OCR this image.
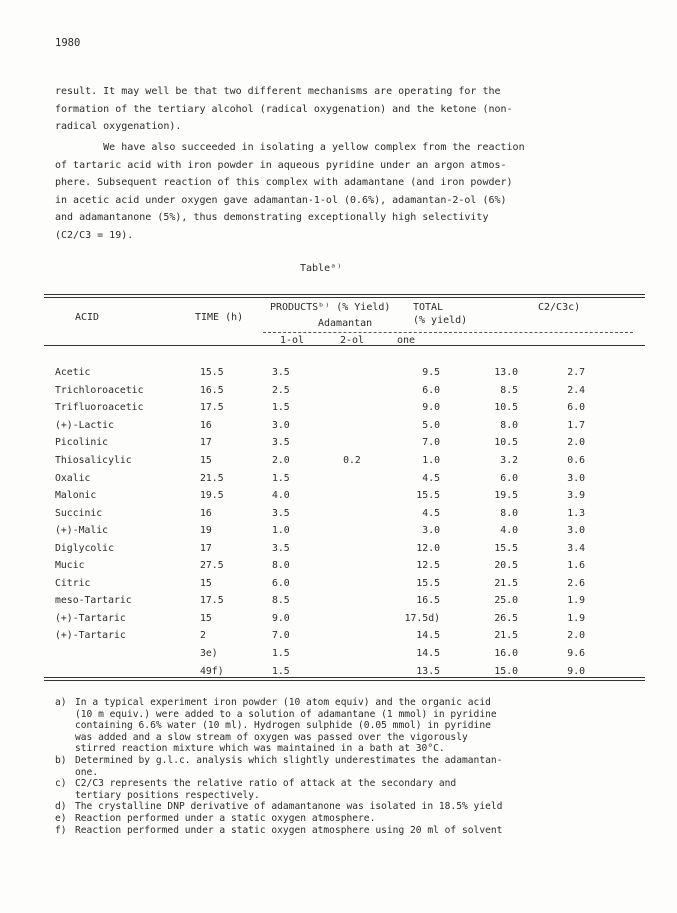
1980
result. It may well be that two different mechanisms are operating for the
formation of the tertiary alcohol (radical oxygenation) and the ketone (non-
radical oxygenation).
We have also succeeded in isolating a yellow complex from the reaction
of tartaric acid with iron powder in aqueous pyridine under an argon atmos-
phere. Subsequent reaction of this complex with adamantane (and iron powder)
in acetic acid under oxygen gave adamantan-1-ol (0.6%), adamantan-2-ol (6%)
and adamantanone (5%), thus demonstrating exceptionally high selectivity
(C2/C3 = 19).
Tableᵃ⁾
ACID	TIME (h)
PRODUCTSᵇ⁾ (% Yield)
Adamantan
TOTAL
(% yield)
C2/C3c)
1-ol	2-ol	one
Acetic	15.5	3.5		9.5	13.0	2.7
Trichloroacetic	16.5	2.5		6.0	8.5	2.4
Trifluoroacetic	17.5	1.5		9.0	10.5	6.0
(+)-Lactic	16	3.0		5.0	8.0	1.7
Picolinic	17	3.5		7.0	10.5	2.0
Thiosalicylic	15	2.0	0.2	1.0	3.2	0.6
Oxalic	21.5	1.5		4.5	6.0	3.0
Malonic	19.5	4.0		15.5	19.5	3.9
Succinic	16	3.5		4.5	8.0	1.3
(+)-Malic	19	1.0		3.0	4.0	3.0
Diglycolic	17	3.5		12.0	15.5	3.4
Mucic	27.5	8.0		12.5	20.5	1.6
Citric	15	6.0		15.5	21.5	2.6
meso-Tartaric	17.5	8.5		16.5	25.0	1.9
(+)-Tartaric	15	9.0		17.5d)	26.5	1.9
(+)-Tartaric	2	7.0		14.5	21.5	2.0
	3e)	1.5		14.5	16.0	9.6
	49f)	1.5		13.5	15.0	9.0
a) In a typical experiment iron powder (10 atom equiv) and the organic acid
(10 m equiv.) were added to a solution of adamantane (1 mmol) in pyridine
containing 6.6% water (10 ml). Hydrogen sulphide (0.05 mmol) in pyridine
was added and a slow stream of oxygen was passed over the vigorously
stirred reaction mixture which was maintained in a bath at 30°C.
b) Determined by g.l.c. analysis which slightly underestimates the adamantan-
one.
c) C2/C3 represents the relative ratio of attack at the secondary and
tertiary positions respectively.
d) The crystalline DNP derivative of adamantanone was isolated in 18.5% yield
e) Reaction performed under a static oxygen atmosphere.
f) Reaction performed under a static oxygen atmosphere using 20 ml of solvent
